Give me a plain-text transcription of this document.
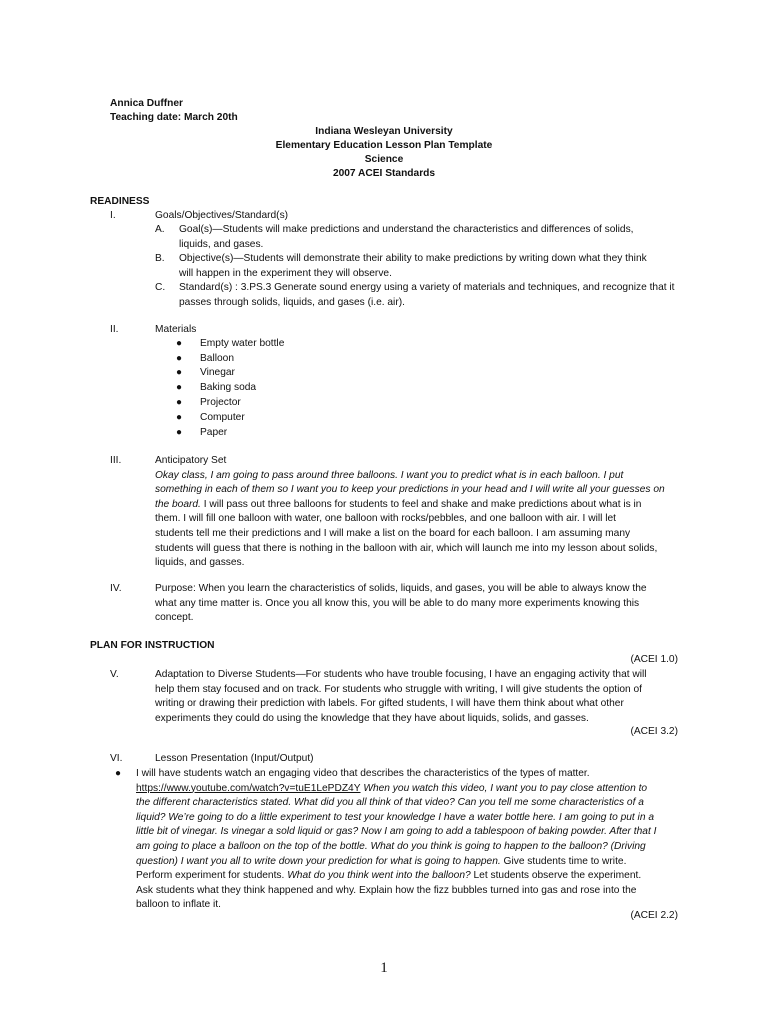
Annica Duffner
Teaching date: March 20th
Indiana Wesleyan University
Elementary Education Lesson Plan Template
Science
2007 ACEI Standards
READINESS
I.	Goals/Objectives/Standard(s)
A. Goal(s)—Students will make predictions and understand the characteristics and differences of solids,
liquids, and gases.
B. Objective(s)—Students will demonstrate their ability to make predictions by writing down what they think
will happen in the experiment they will observe.
C. Standard(s) : 3.PS.3 Generate sound energy using a variety of materials and techniques, and recognize that it
passes through solids, liquids, and gases (i.e. air).
II.	Materials
● Empty water bottle
● Balloon
● Vinegar
● Baking soda
● Projector
● Computer
● Paper
III.	Anticipatory Set
Okay class, I am going to pass around three balloons. I want you to predict what is in each balloon. I put
something in each of them so I want you to keep your predictions in your head and I will write all your guesses on
the board. I will pass out three balloons for students to feel and shake and make predictions about what is in
them. I will fill one balloon with water, one balloon with rocks/pebbles, and one balloon with air. I will let
students tell me their predictions and I will make a list on the board for each balloon. I am assuming many
students will guess that there is nothing in the balloon with air, which will launch me into my lesson about solids,
liquids, and gasses.
IV.	Purpose: When you learn the characteristics of solids, liquids, and gases, you will be able to always know the
what any time matter is. Once you all know this, you will be able to do many more experiments knowing this
concept.
PLAN FOR INSTRUCTION
(ACEI 1.0)
V.	Adaptation to Diverse Students—For students who have trouble focusing, I have an engaging activity that will
help them stay focused and on track. For students who struggle with writing, I will give students the option of
writing or drawing their prediction with labels. For gifted students, I will have them think about what other
experiments they could do using the knowledge that they have about liquids, solids, and gasses.
(ACEI 3.2)
VI.	Lesson Presentation (Input/Output)
● I will have students watch an engaging video that describes the characteristics of the types of matter.
https://www.youtube.com/watch?v=tuE1LePDZ4Y When you watch this video, I want you to pay close attention to
the different characteristics stated. What did you all think of that video? Can you tell me some characteristics of a
liquid? We’re going to do a little experiment to test your knowledge I have a water bottle here. I am going to put in a
little bit of vinegar. Is vinegar a sold liquid or gas? Now I am going to add a tablespoon of baking powder. After that I
am going to place a balloon on the top of the bottle. What do you think is going to happen to the balloon? (Driving
question) I want you all to write down your prediction for what is going to happen. Give students time to write.
Perform experiment for students. What do you think went into the balloon? Let students observe the experiment.
Ask students what they think happened and why. Explain how the fizz bubbles turned into gas and rose into the
balloon to inflate it.
(ACEI 2.2)
1
